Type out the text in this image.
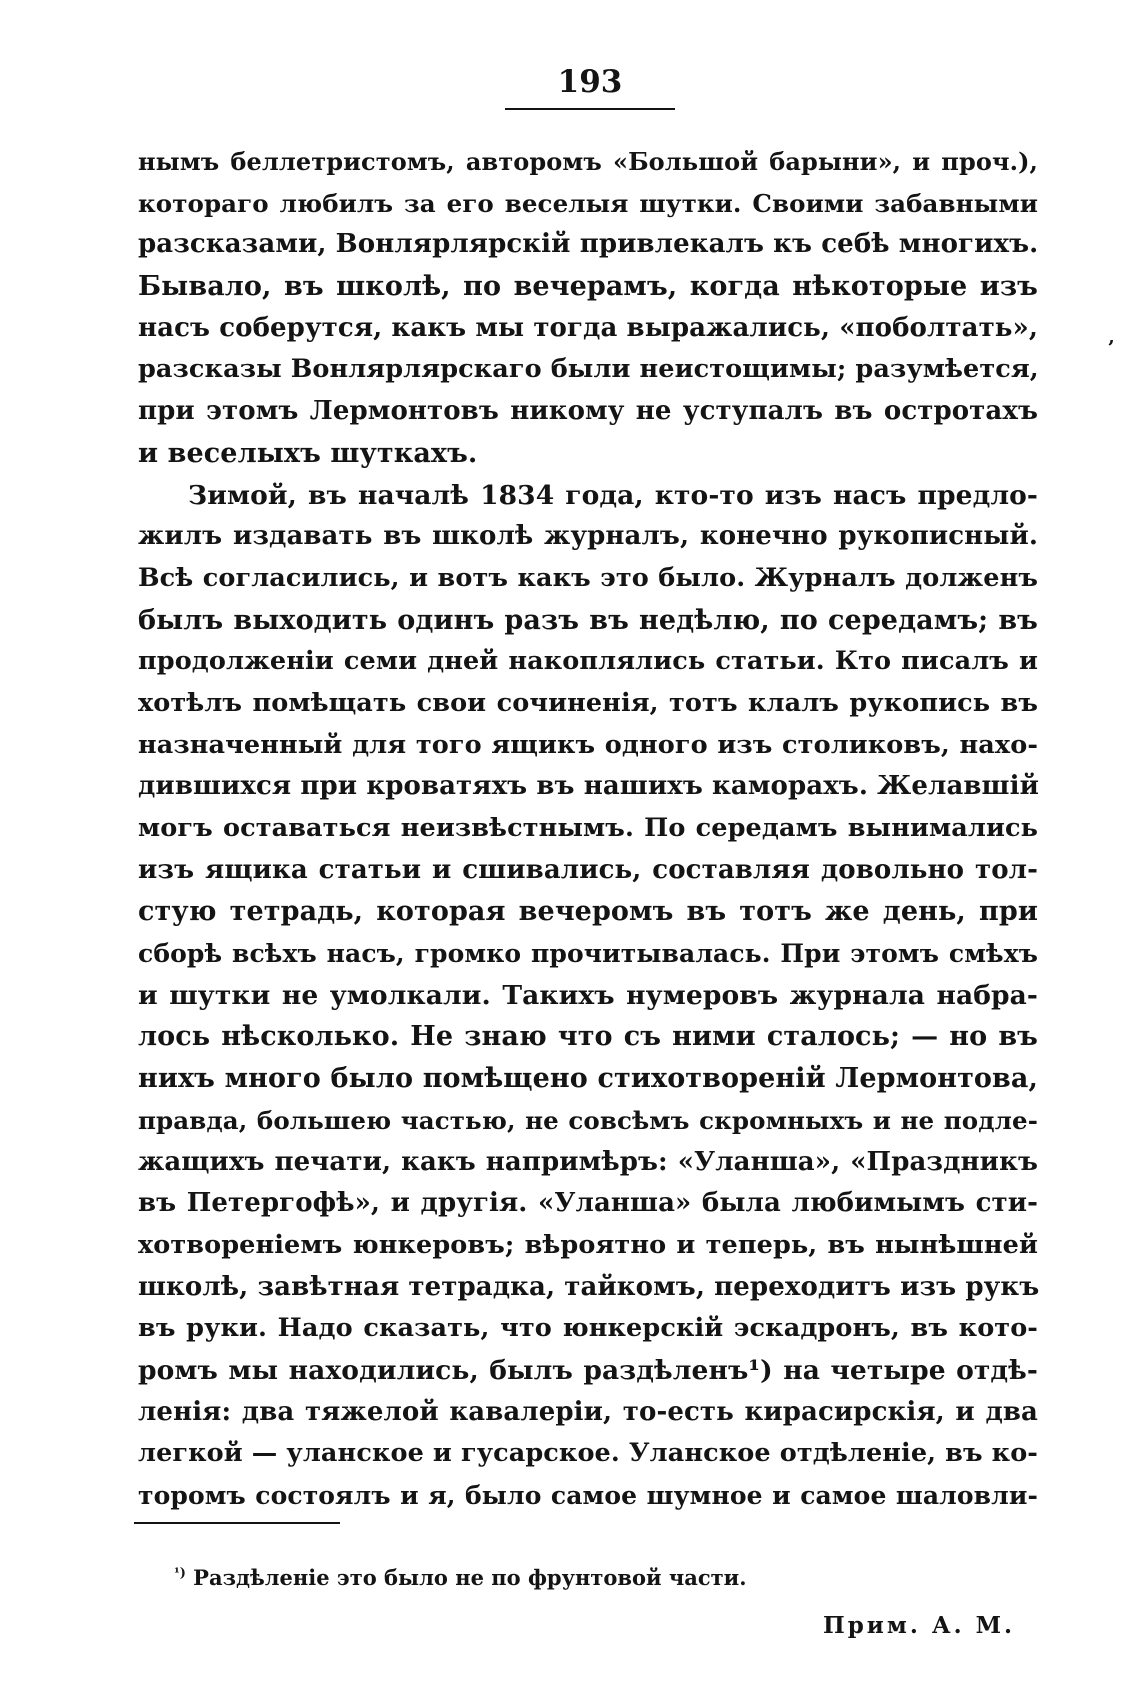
193
нымъ беллетристомъ, авторомъ «Большой барыни», и проч.),
котораго любилъ за его веселыя шутки. Своими забавными
разсказами, Вонлярлярскій привлекалъ къ себѣ многихъ.
Бывало, въ школѣ, по вечерамъ, когда нѣкоторые изъ
насъ соберутся, какъ мы тогда выражались, «поболтать»,
разсказы Вонлярлярскаго были неистощимы; разумѣется,
при этомъ Лермонтовъ никому не уступалъ въ остротахъ
и веселыхъ шуткахъ.
Зимой, въ началѣ 1834 года, кто-то изъ насъ предло-
жилъ издавать въ школѣ журналъ, конечно рукописный.
Всѣ согласились, и вотъ какъ это было. Журналъ долженъ
былъ выходить одинъ разъ въ недѣлю, по середамъ; въ
продолженіи семи дней накоплялись статьи. Кто писалъ и
хотѣлъ помѣщать свои сочиненія, тотъ клалъ рукопись въ
назначенный для того ящикъ одного изъ столиковъ, нахо-
дившихся при кроватяхъ въ нашихъ каморахъ. Желавшій
могъ оставаться неизвѣстнымъ. По середамъ вынимались
изъ ящика статьи и сшивались, составляя довольно тол-
стую тетрадь, которая вечеромъ въ тотъ же день, при
сборѣ всѣхъ насъ, громко прочитывалась. При этомъ смѣхъ
и шутки не умолкали. Такихъ нумеровъ журнала набра-
лось нѣсколько. Не знаю что съ ними сталось; — но въ
нихъ много было помѣщено стихотвореній Лермонтова,
правда, большею частью, не совсѣмъ скромныхъ и не подле-
жащихъ печати, какъ напримѣръ: «Уланша», «Праздникъ
въ Петергофѣ», и другія. «Уланша» была любимымъ сти-
хотвореніемъ юнкеровъ; вѣроятно и теперь, въ нынѣшней
школѣ, завѣтная тетрадка, тайкомъ, переходитъ изъ рукъ
въ руки. Надо сказать, что юнкерскій эскадронъ, въ кото-
ромъ мы находились, былъ раздѣленъ¹) на четыре отдѣ-
ленія: два тяжелой кавалеріи, то-есть кирасирскія, и два
легкой — уланское и гусарское. Уланское отдѣленіе, въ ко-
торомъ состоялъ и я, было самое шумное и самое шаловли-
‚
$^{^1)}$ Раздѣленіе это было не по фрунтовой части.
Прим. А. М.
